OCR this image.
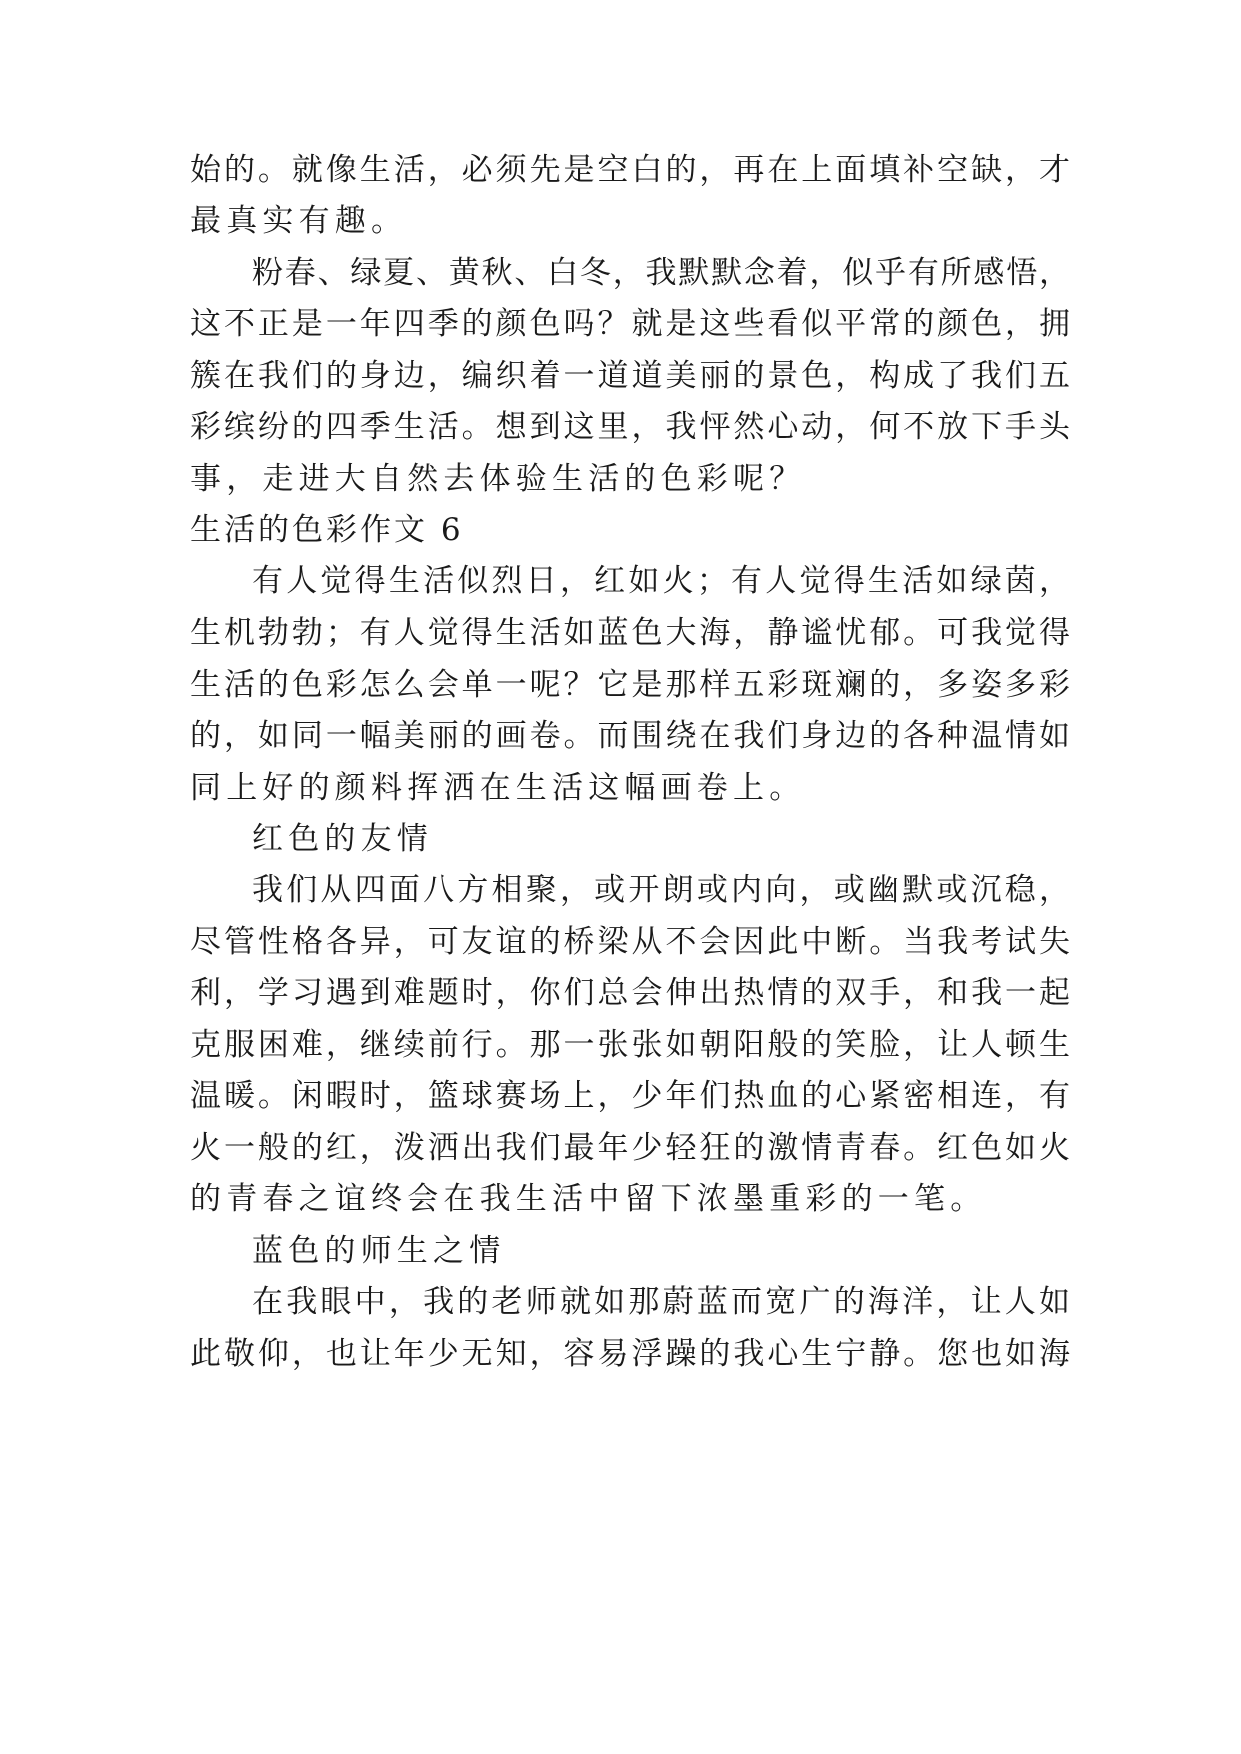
始的。就像生活，必须先是空白的，再在上面填补空缺，才
最真实有趣。
粉春、绿夏、黄秋、白冬，我默默念着，似乎有所感悟，
这不正是一年四季的颜色吗？就是这些看似平常的颜色，拥
簇在我们的身边，编织着一道道美丽的景色，构成了我们五
彩缤纷的四季生活。想到这里，我怦然心动，何不放下手头
事，走进大自然去体验生活的色彩呢？
生活的色彩作文 6
有人觉得生活似烈日，红如火；有人觉得生活如绿茵，
生机勃勃；有人觉得生活如蓝色大海，静谧忧郁。可我觉得
生活的色彩怎么会单一呢？它是那样五彩斑斓的，多姿多彩
的，如同一幅美丽的画卷。而围绕在我们身边的各种温情如
同上好的颜料挥洒在生活这幅画卷上。
红色的友情
我们从四面八方相聚，或开朗或内向，或幽默或沉稳，
尽管性格各异，可友谊的桥梁从不会因此中断。当我考试失
利，学习遇到难题时，你们总会伸出热情的双手，和我一起
克服困难，继续前行。那一张张如朝阳般的笑脸，让人顿生
温暖。闲暇时，篮球赛场上，少年们热血的心紧密相连，有
火一般的红，泼洒出我们最年少轻狂的激情青春。红色如火
的青春之谊终会在我生活中留下浓墨重彩的一笔。
蓝色的师生之情
在我眼中，我的老师就如那蔚蓝而宽广的海洋，让人如
此敬仰，也让年少无知，容易浮躁的我心生宁静。您也如海
